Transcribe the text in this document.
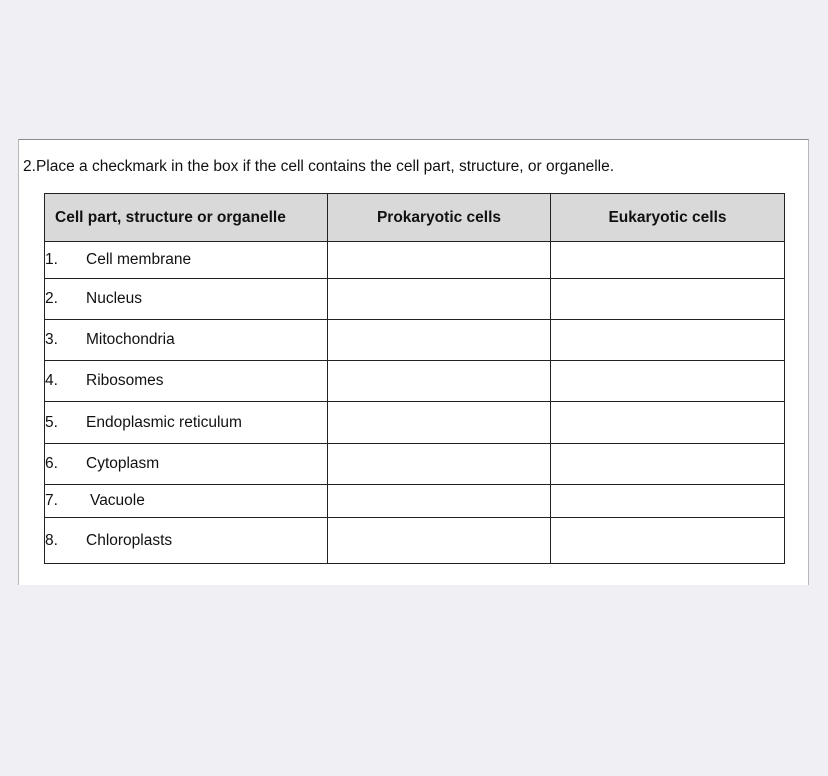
2.Place a checkmark in the box if the cell contains the cell part, structure, or organelle.
Cell part, structure or organelle	Prokaryotic cells	Eukaryotic cells
1. Cell membrane		
2. Nucleus		
3. Mitochondria		
4. Ribosomes		
5. Endoplasmic reticulum		
6. Cytoplasm		
7. Vacuole		
8. Chloroplasts		
